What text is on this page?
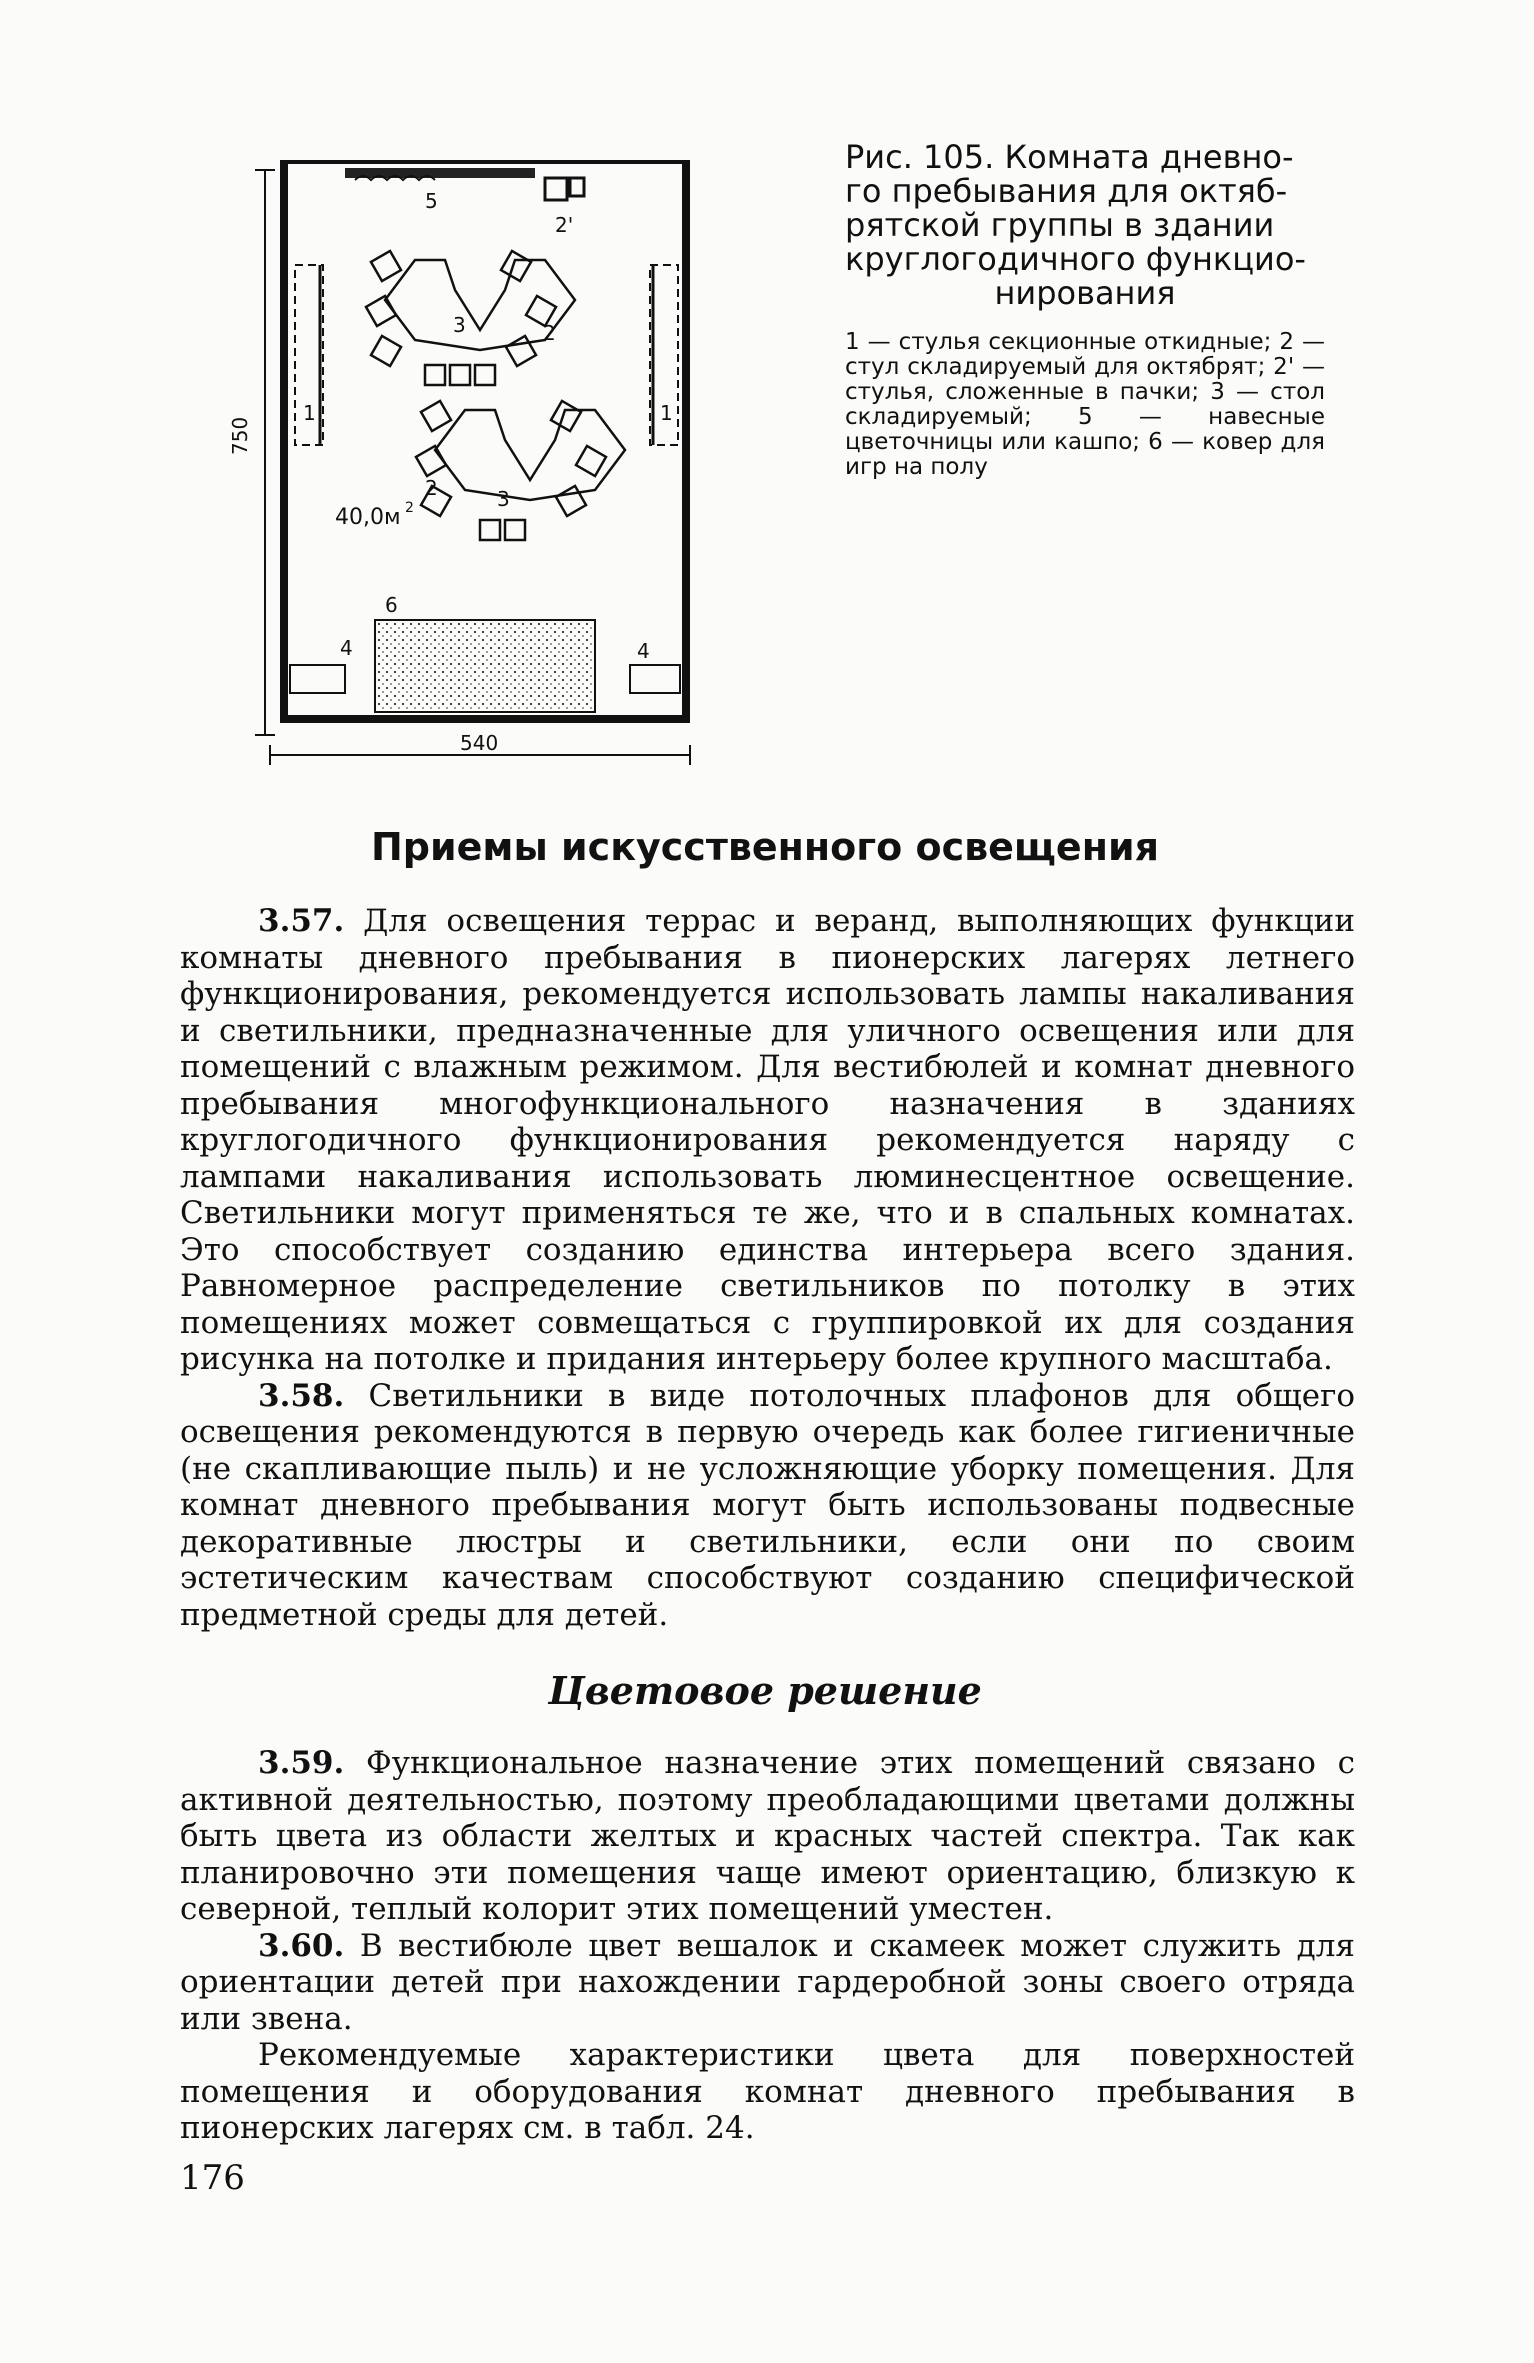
750
5
2'
1	1
3	2
3
2
40,0м 2
6
4	4
540

Рис. 105. Комната дневно-
го пребывания для октяб-
рятской группы в здании
круглогодичного функцио-
нирования

1 — стулья секционные откидные; 2 — стул складируемый для октябрят; 2' — стулья, сложенные в пачки; 3 — стол складируемый; 5 — навесные цветочницы или кашпо; 6 — ковер для игр на полу
Приемы искусственного освещения

3.57. Для освещения террас и веранд, выполняющих функции комнаты дневного пребывания в пионерских лагерях летнего функционирования, рекомендуется использовать лампы накаливания и светильники, предназначенные для уличного освещения или для помещений с влажным режимом. Для вестибюлей и комнат дневного пребывания многофункционального назначения в зданиях круглогодичного функционирования рекомендуется наряду с лампами накаливания использовать люминесцентное освещение. Светильники могут применяться те же, что и в спальных комнатах. Это способствует созданию единства интерьера всего здания. Равномерное распределение светильников по потолку в этих помещениях может совмещаться с группировкой их для создания рисунка на потолке и придания интерьеру более крупного масштаба.

3.58. Светильники в виде потолочных плафонов для общего освещения рекомендуются в первую очередь как более гигиеничные (не скапливающие пыль) и не усложняющие уборку помещения. Для комнат дневного пребывания могут быть использованы подвесные декоративные люстры и светильники, если они по своим эстетическим качествам способствуют созданию специфической предметной среды для детей.

Цветовое решение

3.59. Функциональное назначение этих помещений связано с активной деятельностью, поэтому преобладающими цветами должны быть цвета из области желтых и красных частей спектра. Так как планировочно эти помещения чаще имеют ориентацию, близкую к северной, теплый колорит этих помещений уместен.

3.60. В вестибюле цвет вешалок и скамеек может служить для ориентации детей при нахождении гардеробной зоны своего отряда или звена.

Рекомендуемые характеристики цвета для поверхностей помещения и оборудования комнат дневного пребывания в пионерских лагерях см. в табл. 24.

176
